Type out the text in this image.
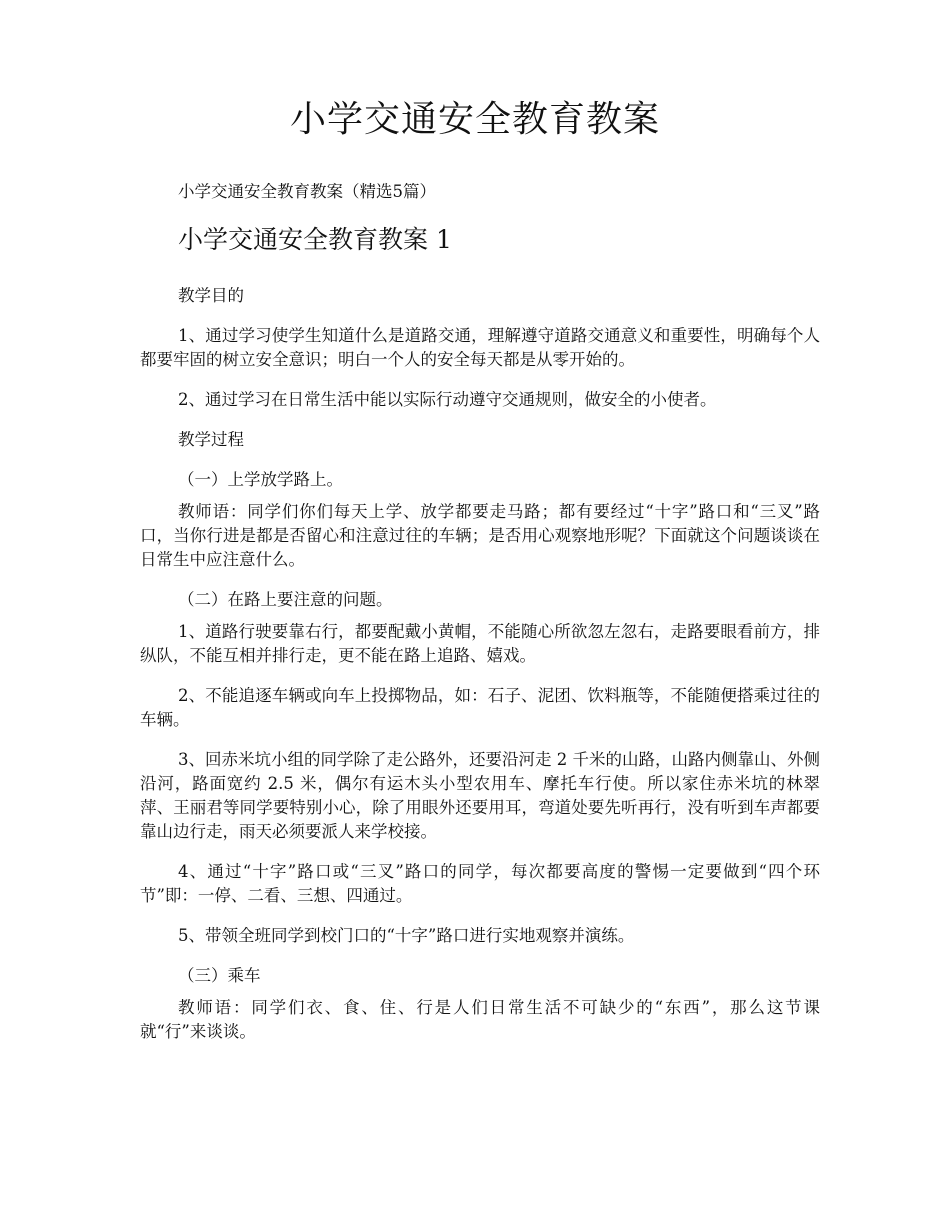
小学交通安全教育教案

小学交通安全教育教案（精选5篇）

小学交通安全教育教案 1

教学目的

1、通过学习使学生知道什么是道路交通，理解遵守道路交通意义和重要性，明确每个人都要牢固的树立安全意识；明白一个人的安全每天都是从零开始的。

2、通过学习在日常生活中能以实际行动遵守交通规则，做安全的小使者。

教学过程

（一）上学放学路上。

教师语：同学们你们每天上学、放学都要走马路；都有要经过“十字”路口和“三叉”路口，当你行进是都是否留心和注意过往的车辆；是否用心观察地形呢？下面就这个问题谈谈在日常生中应注意什么。

（二）在路上要注意的问题。

1、道路行驶要靠右行，都要配戴小黄帽，不能随心所欲忽左忽右，走路要眼看前方，排纵队，不能互相并排行走，更不能在路上追路、嬉戏。

2、不能追逐车辆或向车上投掷物品，如：石子、泥团、饮料瓶等，不能随便搭乘过往的车辆。

3、回赤米坑小组的同学除了走公路外，还要沿河走 2 千米的山路，山路内侧靠山、外侧沿河，路面宽约 2.5 米，偶尔有运木头小型农用车、摩托车行使。所以家住赤米坑的林翠萍、王丽君等同学要特别小心，除了用眼外还要用耳，弯道处要先听再行，没有听到车声都要靠山边行走，雨天必须要派人来学校接。

4、通过“十字”路口或“三叉”路口的同学，每次都要高度的警惕一定要做到“四个环节”即：一停、二看、三想、四通过。

5、带领全班同学到校门口的“十字”路口进行实地观察并演练。

（三）乘车

教师语：同学们衣、食、住、行是人们日常生活不可缺少的“东西”，那么这节课就“行”来谈谈。
